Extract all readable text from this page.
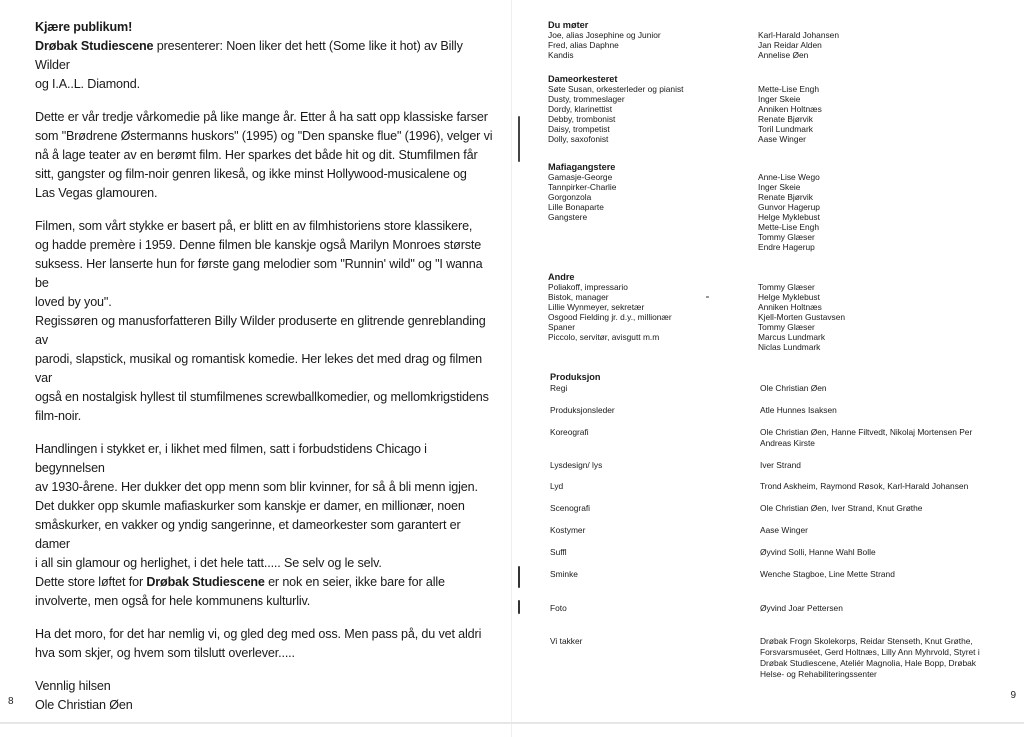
Kjære publikum!

Drøbak Studiescene presenterer: Noen liker det hett (Some like it hot) av Billy Wilder
og I.A..L. Diamond.

Dette er vår tredje vårkomedie på like mange år. Etter å ha satt opp klassiske farser
som "Brødrene Østermanns huskors" (1995) og "Den spanske flue" (1996), velger vi
nå å lage teater av en berømt film. Her sparkes det både hit og dit. Stumfilmen får
sitt, gangster og film-noir genren likeså, og ikke minst Hollywood-musicalene og
Las Vegas glamouren.

Filmen, som vårt stykke er basert på, er blitt en av filmhistoriens store klassikere,
og hadde premère i 1959. Denne filmen ble kanskje også Marilyn Monroes største
suksess. Her lanserte hun for første gang melodier som "Runnin' wild" og "I wanna be
loved by you".
Regissøren og manusforfatteren Billy Wilder produserte en glitrende genreblanding av
parodi, slapstick, musikal og romantisk komedie. Her lekes det med drag og filmen var
også en nostalgisk hyllest til stumfilmenes screwballkomedier, og mellomkrigstidens
film-noir.

Handlingen i stykket er, i likhet med filmen, satt i forbudstidens Chicago i begynnelsen
av 1930-årene. Her dukker det opp menn som blir kvinner, for så å bli menn igjen.
Det dukker opp skumle mafiaskurker som kanskje er damer, en millionær, noen
småskurker, en vakker og yndig sangerinne, et dameorkester som garantert er damer
i all sin glamour og herlighet, i det hele tatt..... Se selv og le selv.
Dette store løftet for Drøbak Studiescene er nok en seier, ikke bare for alle
involverte, men også for hele kommunens kulturliv.

Ha det moro, for det har nemlig vi, og gled deg med oss. Men pass på, du vet aldri
hva som skjer, og hvem som tilslutt overlever.....

Vennlig hilsen

Ole Christian Øen

8
9
Du møter
Joe, alias Josephine og Junior	Karl-Harald Johansen
Fred, alias Daphne	Jan Reidar Alden
Kandis	Annelise Øen
Dameorkesteret
Søte Susan, orkesterleder og pianist	Mette-Lise Engh
Dusty, trommeslager	Inger Skeie
Dordy, klarinettist	Anniken Holtnæs
Debby, trombonist	Renate Bjørvik
Daisy, trompetist	Toril Lundmark
Dolly, saxofonist	Aase Winger
Mafiagangstere
Gamasje-George	Anne-Lise Wego
Tannpirker-Charlie	Inger Skeie
Gorgonzola	Renate Bjørvik
Lille Bonaparte	Gunvor Hagerup
Gangstere	Helge Myklebust
Mette-Lise Engh
Tommy Glæser
Endre Hagerup
Andre
Poliakoff, impressario	Tommy Glæser
Bistok, manager	Helge Myklebust
Lillie Wynmeyer, sekretær	Anniken Holtnæs
Osgood Fielding jr. d.y., millionær	Kjell-Morten Gustavsen
Spaner	Tommy Glæser
Piccolo, servitør, avisgutt m.m	Marcus Lundmark
Niclas Lundmark
Produksjon
Regi	Ole Christian Øen
Produksjonsleder	Atle Hunnes Isaksen
Koreografi	Ole Christian Øen, Hanne Filtvedt, Nikolaj Mortensen Per Andreas Kirste
Lysdesign/ lys	Iver Strand
Lyd	Trond Askheim, Raymond Røsok, Karl-Harald Johansen
Scenografi	Ole Christian Øen, Iver Strand, Knut Grøthe
Kostymer	Aase Winger
Suffl	Øyvind Solli, Hanne Wahl Bolle
Sminke	Wenche Stagboe, Line Mette Strand
Foto	Øyvind Joar Pettersen
Vi takker	Drøbak Frogn Skolekorps, Reidar Stenseth, Knut Grøthe, Forsvarsmuséet, Gerd Holtnæs, Lilly Ann Myhrvold, Styret i Drøbak Studiescene, Ateliér Magnolia, Hale Bopp, Drøbak Helse- og Rehabiliteringssenter
